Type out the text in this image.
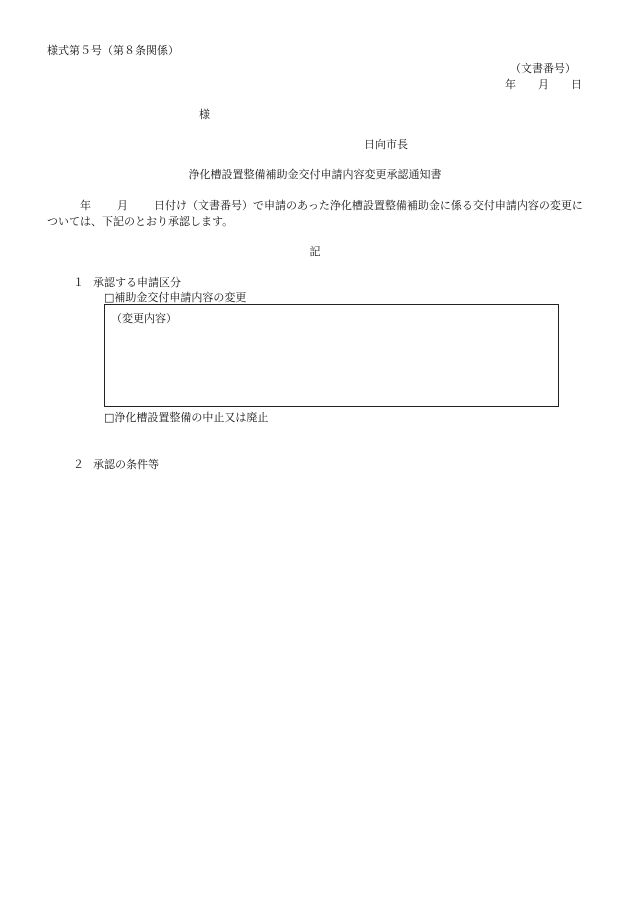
様式第５号（第８条関係）
（文書番号）
年 月 日
様
日向市長
浄化槽設置整備補助金交付申請内容変更承認通知書
年 月 日付け（文書番号）で申請のあった浄化槽設置整備補助金に係る交付申請内容の変更については、下記のとおり承認します。
記
１ 承認する申請区分
□補助金交付申請内容の変更
（変更内容）
□浄化槽設置整備の中止又は廃止
２ 承認の条件等
